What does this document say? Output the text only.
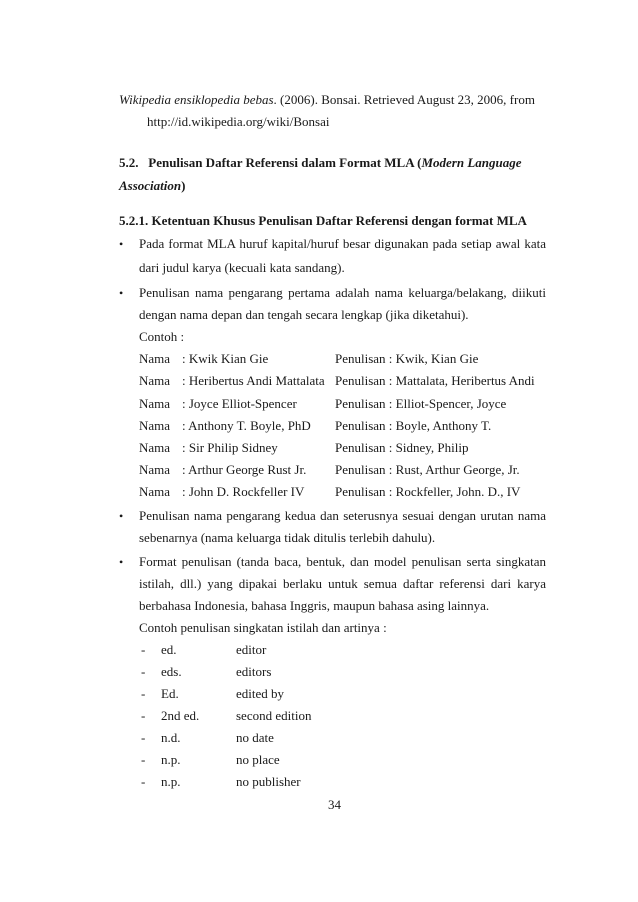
Wikipedia ensiklopedia bebas. (2006). Bonsai. Retrieved August 23, 2006, from
http://id.wikipedia.org/wiki/Bonsai
5.2. Penulisan Daftar Referensi dalam Format MLA (Modern Language
Association)
5.2.1. Ketentuan Khusus Penulisan Daftar Referensi dengan format MLA
• Pada format MLA huruf kapital/huruf besar digunakan pada setiap awal kata
dari judul karya (kecuali kata sandang).
• Penulisan nama pengarang pertama adalah nama keluarga/belakang, diikuti
dengan nama depan dan tengah secara lengkap (jika diketahui).
Contoh :
Nama : Kwik Kian Gie	Penulisan : Kwik, Kian Gie
Nama : Heribertus Andi Mattalata Penulisan : Mattalata, Heribertus Andi
Nama : Joyce Elliot-Spencer	Penulisan : Elliot-Spencer, Joyce
Nama : Anthony T. Boyle, PhD Penulisan : Boyle, Anthony T.
Nama : Sir Philip Sidney	Penulisan : Sidney, Philip
Nama : Arthur George Rust Jr. Penulisan : Rust, Arthur George, Jr.
Nama : John D. Rockfeller IV Penulisan : Rockfeller, John. D., IV
• Penulisan nama pengarang kedua dan seterusnya sesuai dengan urutan nama
sebenarnya (nama keluarga tidak ditulis terlebih dahulu).
• Format penulisan (tanda baca, bentuk, dan model penulisan serta singkatan
istilah, dll.) yang dipakai berlaku untuk semua daftar referensi dari karya
berbahasa Indonesia, bahasa Inggris, maupun bahasa asing lainnya.
Contoh penulisan singkatan istilah dan artinya :
- ed.	editor
- eds.	editors
- Ed.	edited by
- 2nd ed.	second edition
- n.d.	no date
- n.p.	no place
- n.p.	no publisher
34
